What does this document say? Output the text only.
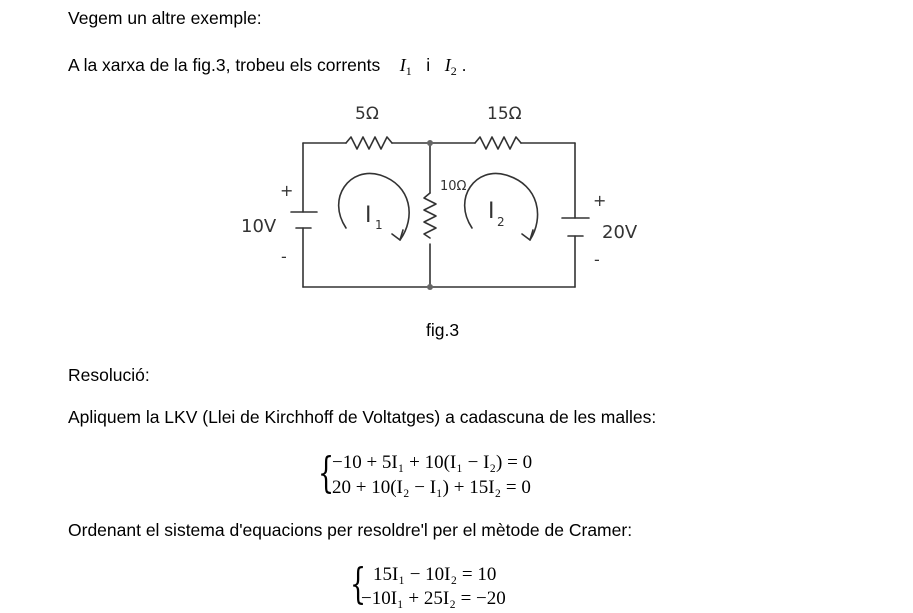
Vegem un altre exemple:
A la xarxa de la fig.3, trobeu els corrents $I_1$ i $I_2$ .
5Ω	15Ω
10Ω
10V	20V
+
-
+
-
I 1
I 2
fig.3
Resolució:
Apliquem la LKV (Llei de Kirchhoff de Voltatges) a cadascuna de les malles:
{
−10 + 5I₁ + 10(I₁ − I₂) = 0
20 + 10(I₂ − I₁) + 15I₂ = 0
Ordenant el sistema d'equacions per resoldre'l per el mètode de Cramer:
{ 15I₁ − 10I₂ = 10
−10I₁ + 25I₂ = −20
